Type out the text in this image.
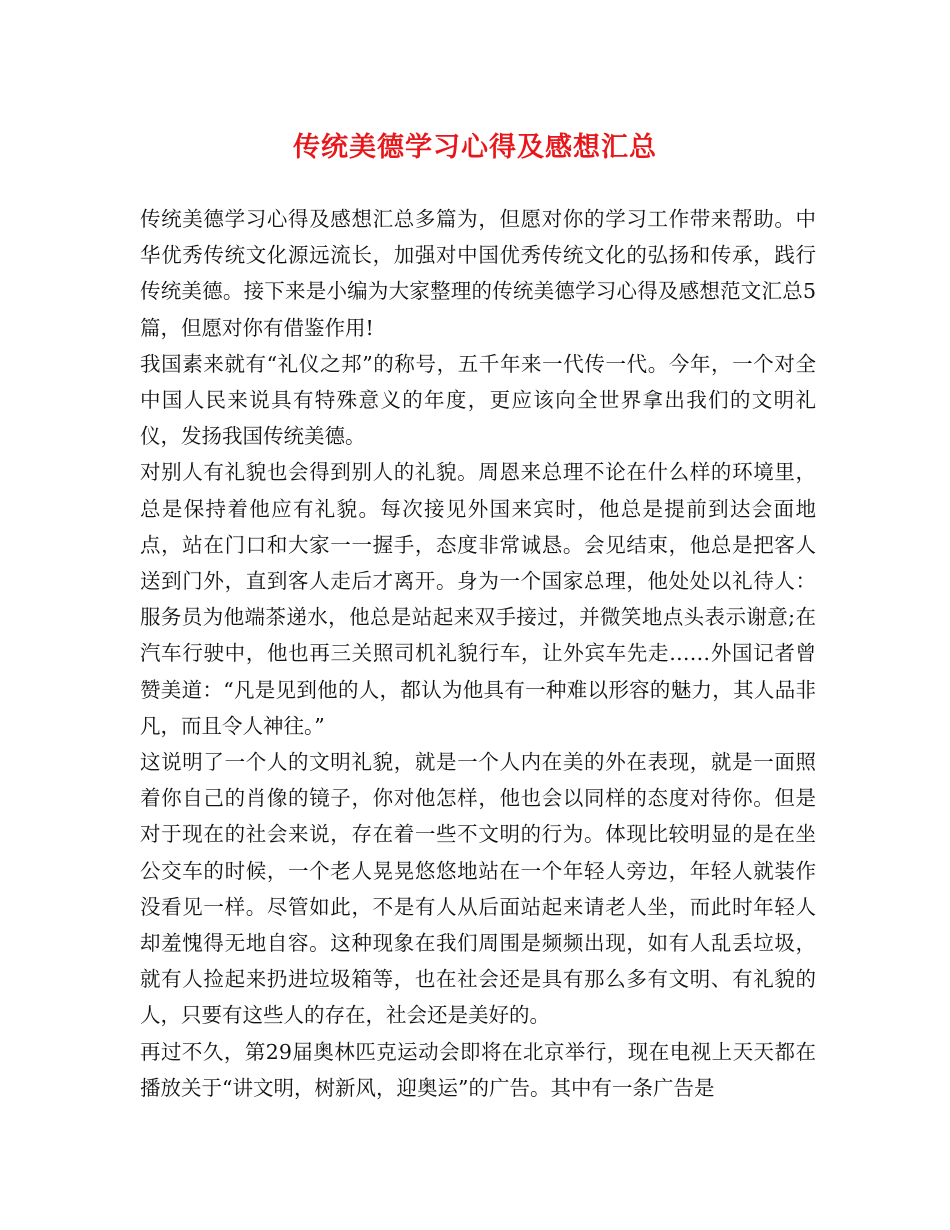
传统美德学习心得及感想汇总

传统美德学习心得及感想汇总多篇为，但愿对你的学习工作带来帮助。中华优秀传统文化源远流长，加强对中国优秀传统文化的弘扬和传承，践行传统美德。接下来是小编为大家整理的传统美德学习心得及感想范文汇总5篇，但愿对你有借鉴作用!

我国素来就有“礼仪之邦”的称号，五千年来一代传一代。今年，一个对全中国人民来说具有特殊意义的年度，更应该向全世界拿出我们的文明礼仪，发扬我国传统美德。

对别人有礼貌也会得到别人的礼貌。周恩来总理不论在什么样的环境里，总是保持着他应有礼貌。每次接见外国来宾时，他总是提前到达会面地点，站在门口和大家一一握手，态度非常诚恳。会见结束，他总是把客人送到门外，直到客人走后才离开。身为一个国家总理，他处处以礼待人：服务员为他端茶递水，他总是站起来双手接过，并微笑地点头表示谢意;在汽车行驶中，他也再三关照司机礼貌行车，让外宾车先走……外国记者曾赞美道：“凡是见到他的人，都认为他具有一种难以形容的魅力，其人品非凡，而且令人神往。”

这说明了一个人的文明礼貌，就是一个人内在美的外在表现，就是一面照着你自己的肖像的镜子，你对他怎样，他也会以同样的态度对待你。但是对于现在的社会来说，存在着一些不文明的行为。体现比较明显的是在坐公交车的时候，一个老人晃晃悠悠地站在一个年轻人旁边，年轻人就装作没看见一样。尽管如此，不是有人从后面站起来请老人坐，而此时年轻人却羞愧得无地自容。这种现象在我们周围是频频出现，如有人乱丢垃圾，就有人捡起来扔进垃圾箱等，也在社会还是具有那么多有文明、有礼貌的人，只要有这些人的存在，社会还是美好的。

再过不久，第29届奥林匹克运动会即将在北京举行，现在电视上天天都在播放关于“讲文明，树新风，迎奥运”的广告。其中有一条广告是
